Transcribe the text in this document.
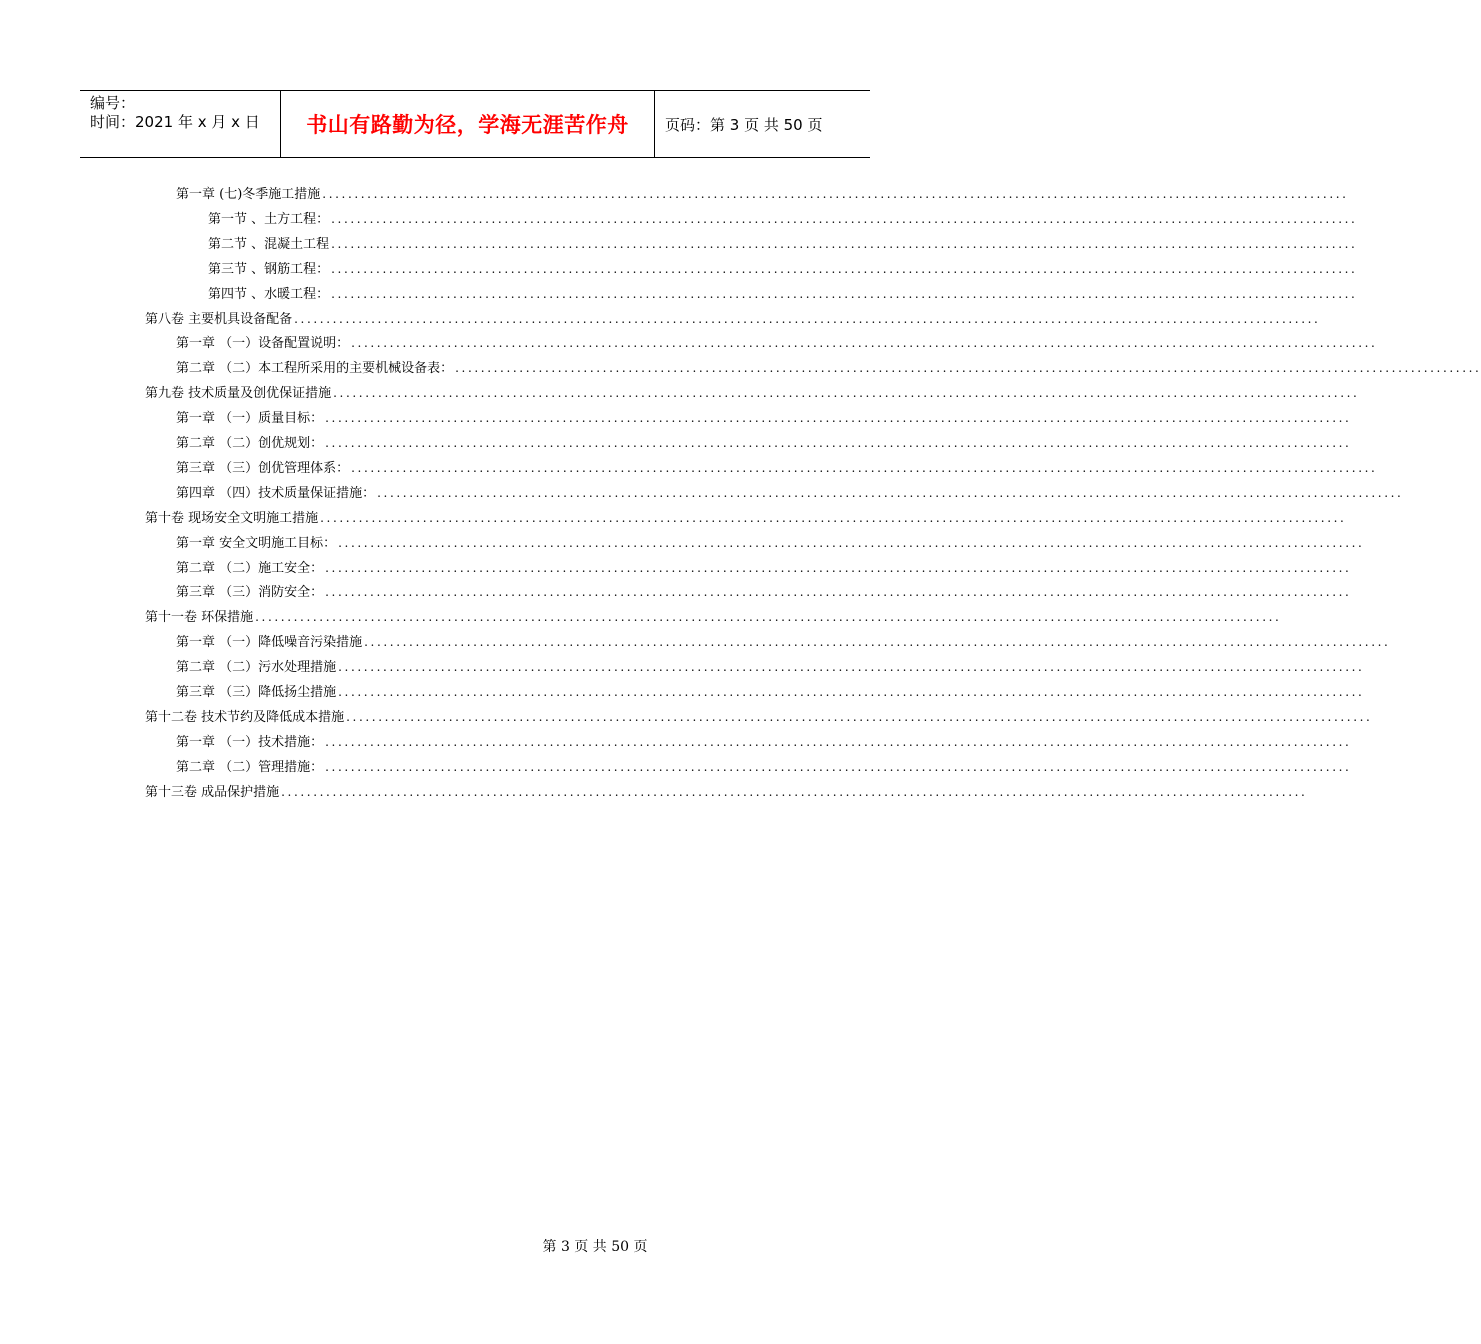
编号：
时间：2021 年 x 月 x 日 书山有路勤为径，学海无涯苦作舟 页码：第 3 页 共 50 页
第一章 (七)冬季施工措施 ................................................................................................................................................................
第一节 、土方工程： ................................................................................................................................................................
第二节 、混凝土工程 ................................................................................................................................................................
第三节 、钢筋工程： ................................................................................................................................................................
第四节 、水暖工程： ................................................................................................................................................................
第八卷 主要机具设备配备 ................................................................................................................................................................
第一章 （一）设备配置说明： ................................................................................................................................................................
第二章 （二）本工程所采用的主要机械设备表： ................................................................................................................................................................
第九卷 技术质量及创优保证措施 ................................................................................................................................................................
第一章 （一）质量目标： ................................................................................................................................................................
第二章 （二）创优规划： ................................................................................................................................................................
第三章 （三）创优管理体系： ................................................................................................................................................................
第四章 （四）技术质量保证措施： ................................................................................................................................................................
第十卷 现场安全文明施工措施 ................................................................................................................................................................
第一章 安全文明施工目标： ................................................................................................................................................................
第二章 （二）施工安全： ................................................................................................................................................................
第三章 （三）消防安全： ................................................................................................................................................................
第十一卷 环保措施 ................................................................................................................................................................
第一章 （一）降低噪音污染措施 ................................................................................................................................................................
第二章 （二）污水处理措施 ................................................................................................................................................................
第三章 （三）降低扬尘措施 ................................................................................................................................................................
第十二卷 技术节约及降低成本措施 ................................................................................................................................................................
第一章 （一）技术措施： ................................................................................................................................................................
第二章 （二）管理措施： ................................................................................................................................................................
第十三卷 成品保护措施 ................................................................................................................................................................
第 3 页 共 50 页
